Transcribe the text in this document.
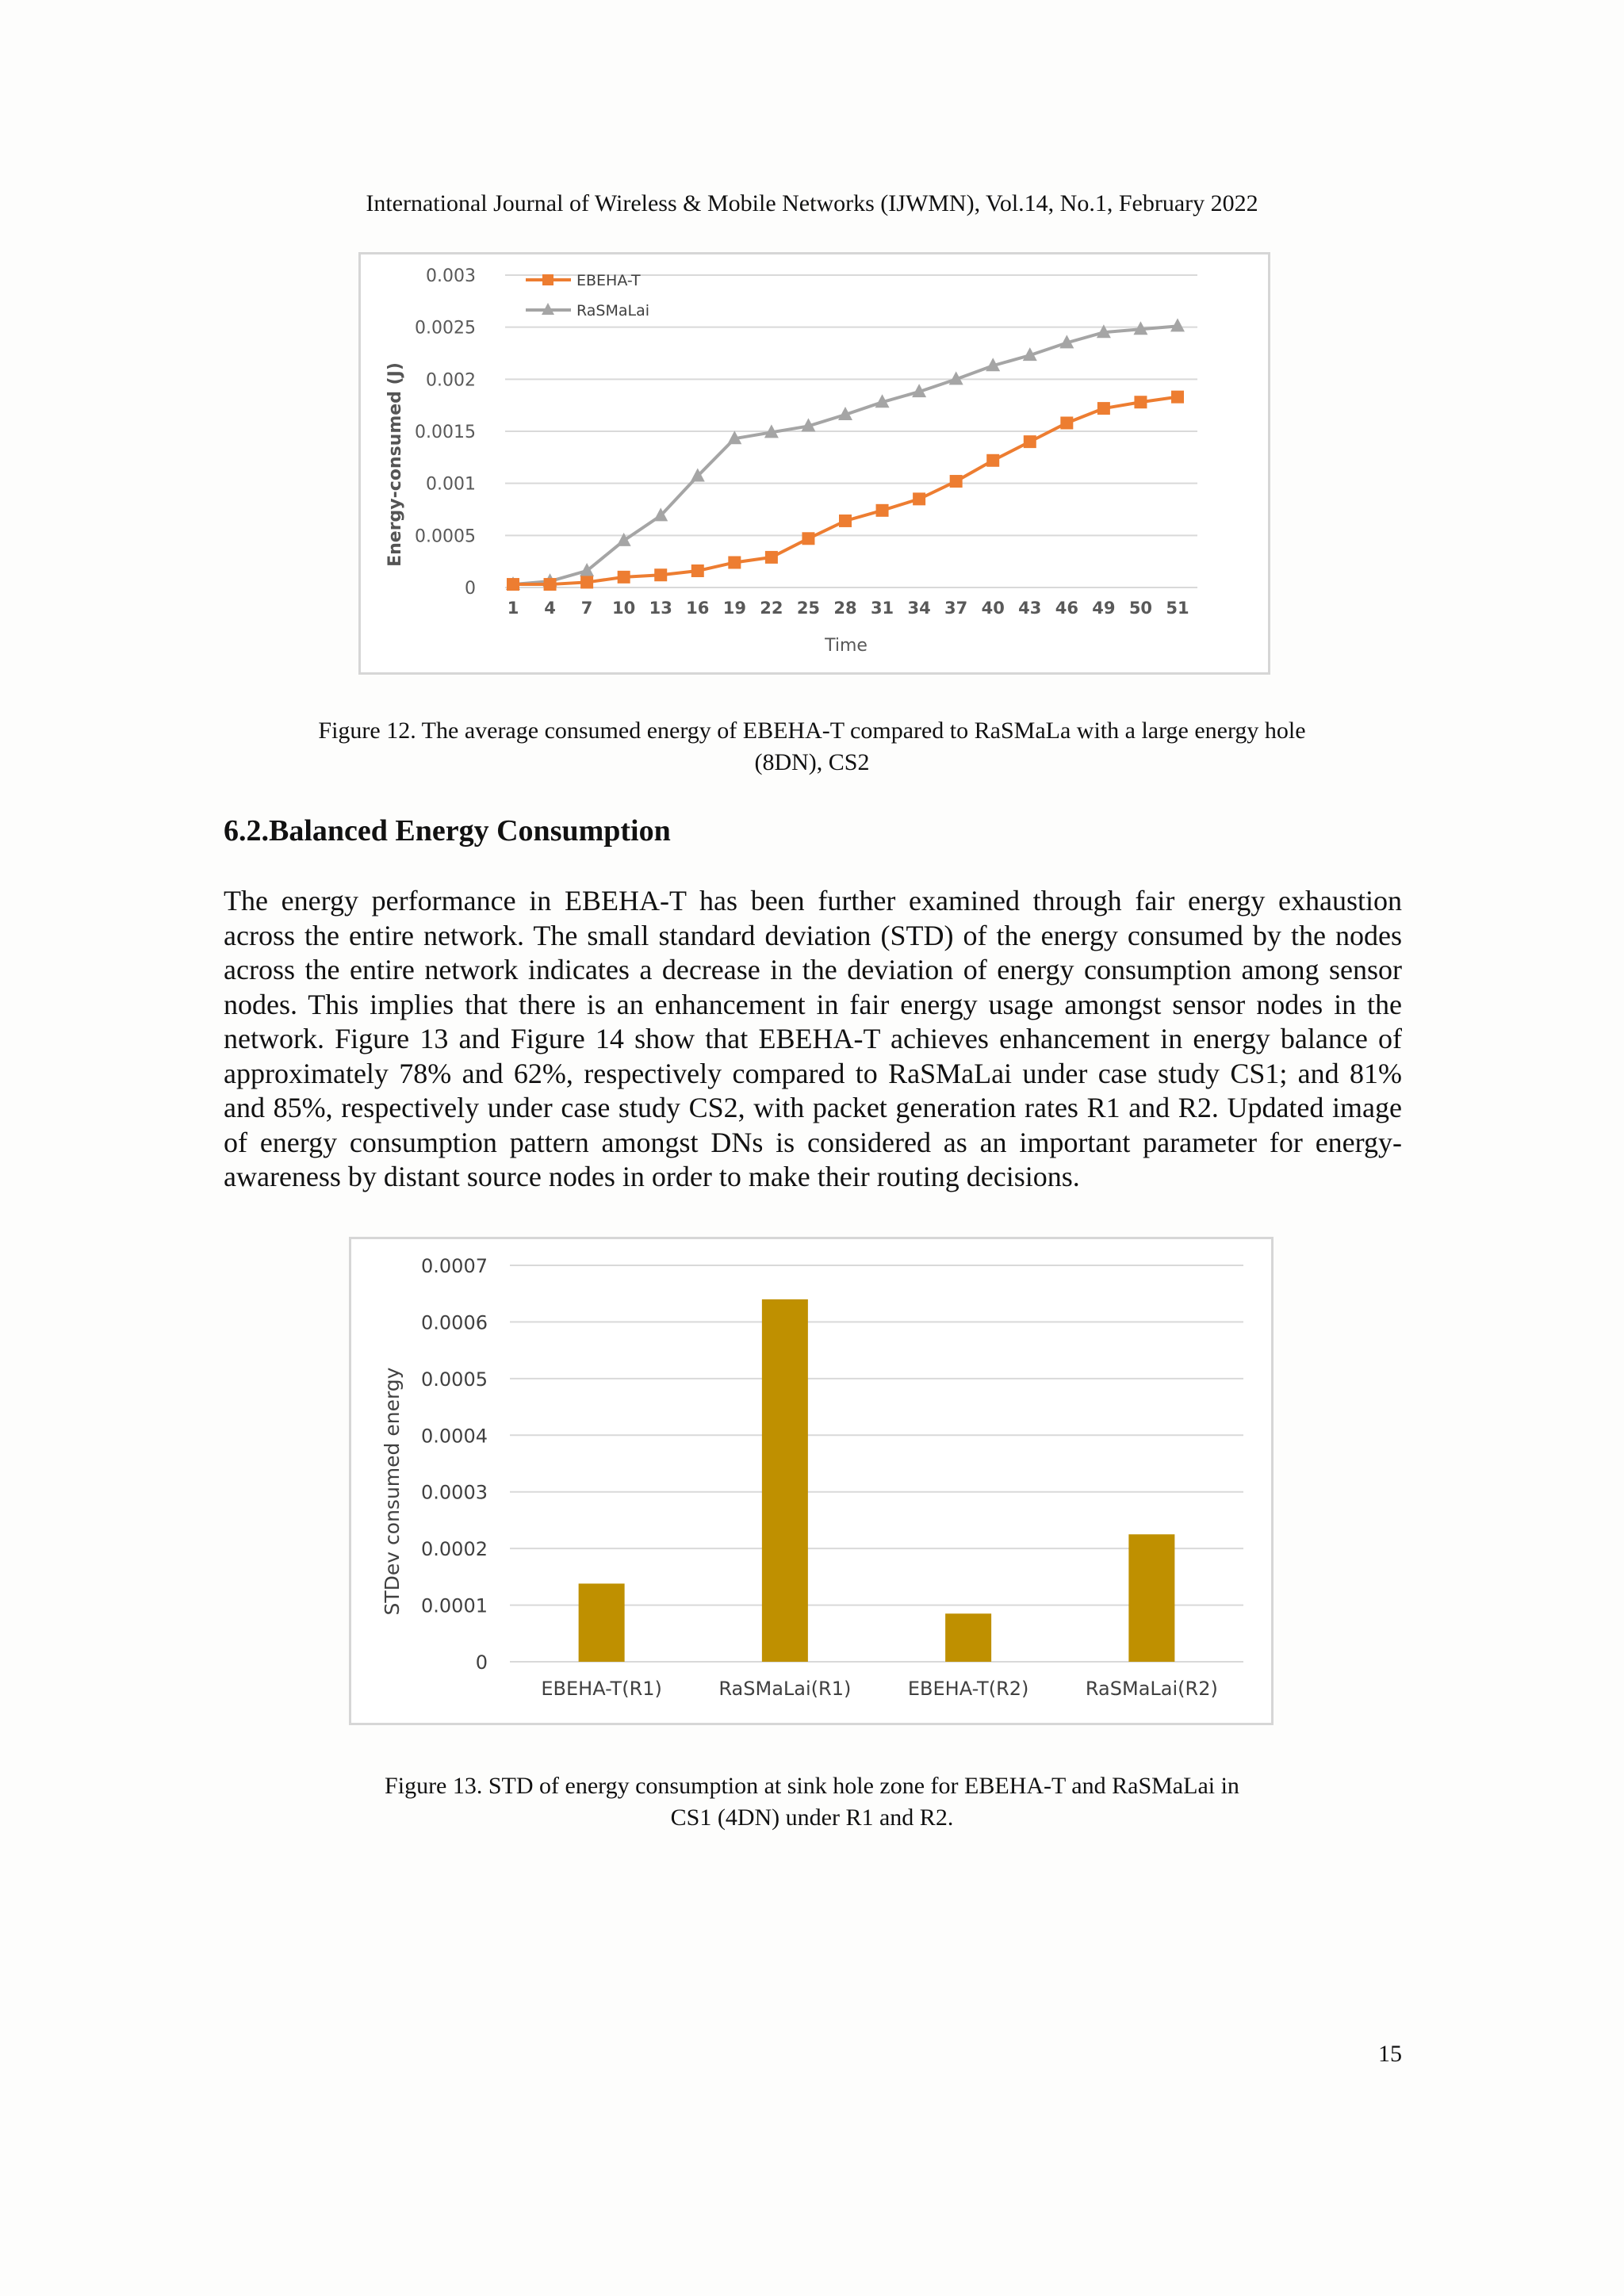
International Journal of Wireless & Mobile Networks (IJWMN), Vol.14, No.1, February 2022
0
0.0005
0.001
0.0015
0.002
0.0025
0.003
1 4 7 10 13 16 19 22 25 28 31 34 37 40 43 46 49 50 51
EBEHA-T
RaSMaLai
Energy-consumed (J)
Time
Figure 12. The average consumed energy of EBEHA-T compared to RaSMaLa with a large energy hole
(8DN), CS2
6.2.Balanced Energy Consumption
The energy performance in EBEHA-T has been further examined through fair energy exhaustion across the entire network. The small standard deviation (STD) of the energy consumed by the nodes across the entire network indicates a decrease in the deviation of energy consumption among sensor nodes. This implies that there is an enhancement in fair energy usage amongst sensor nodes in the network. Figure 13 and Figure 14 show that EBEHA-T achieves enhancement in energy balance of approximately 78% and 62%, respectively compared to RaSMaLai under case study CS1; and 81% and 85%, respectively under case study CS2, with packet generation rates R1 and R2. Updated image of energy consumption pattern amongst DNs is considered as an important parameter for energy-awareness by distant source nodes in order to make their routing decisions.
0
0.0001
0.0002
0.0003
0.0004
0.0005
0.0006
0.0007
EBEHA-T(R1)	RaSMaLai(R1)	EBEHA-T(R2)	RaSMaLai(R2)
STDev consumed energy
Figure 13. STD of energy consumption at sink hole zone for EBEHA-T and RaSMaLai in
CS1 (4DN) under R1 and R2.
15
